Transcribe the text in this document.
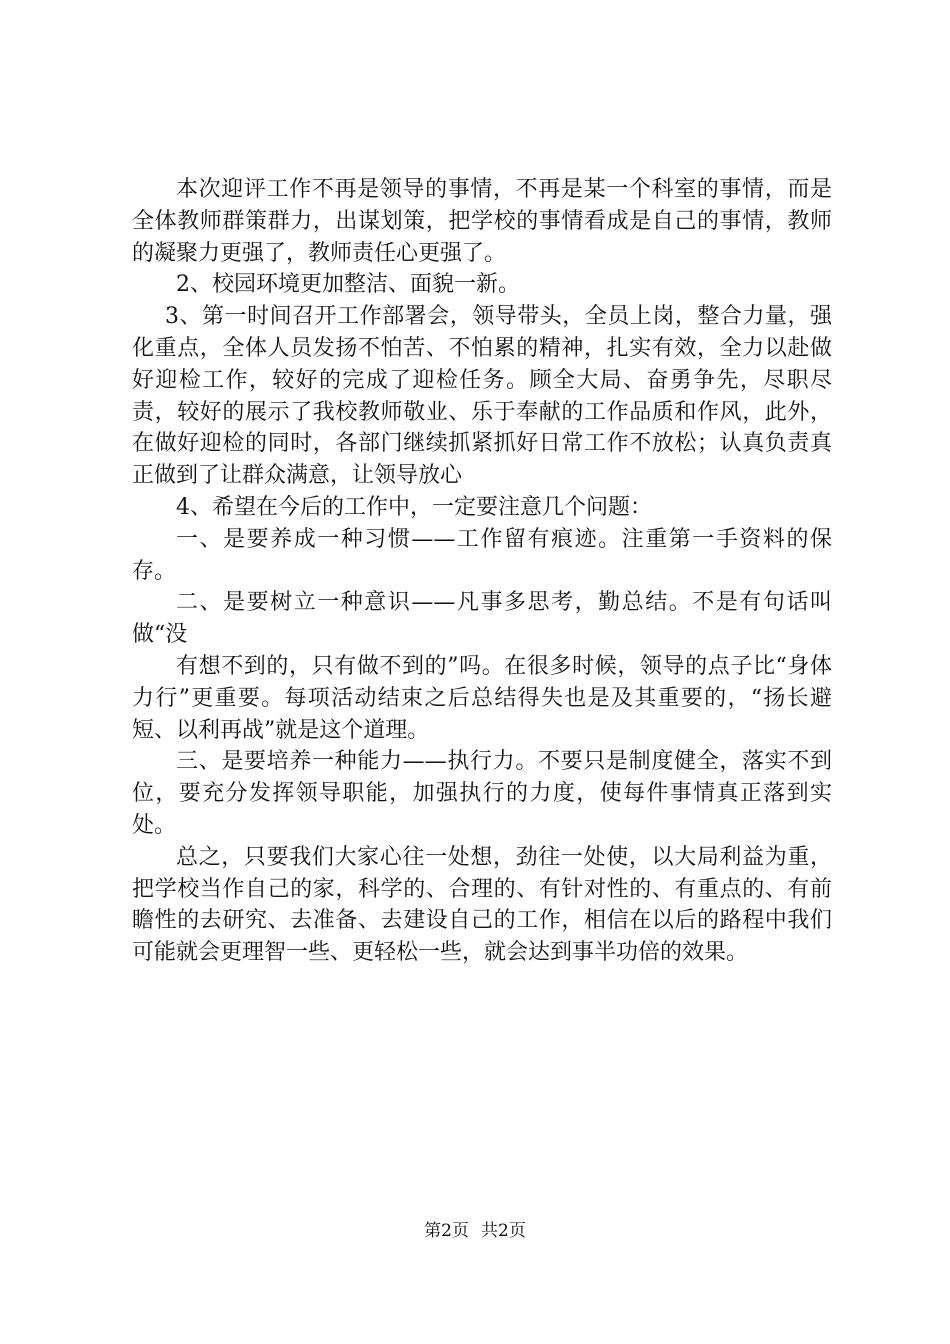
本次迎评工作不再是领导的事情，不再是某一个科室的事情，而是全体教师群策群力，出谋划策，把学校的事情看成是自己的事情，教师的凝聚力更强了，教师责任心更强了。

2、校园环境更加整洁、面貌一新。

3、第一时间召开工作部署会，领导带头，全员上岗，整合力量，强化重点，全体人员发扬不怕苦、不怕累的精神，扎实有效，全力以赴做好迎检工作，较好的完成了迎检任务。顾全大局、奋勇争先，尽职尽责，较好的展示了我校教师敬业、乐于奉献的工作品质和作风，此外，在做好迎检的同时，各部门继续抓紧抓好日常工作不放松；认真负责真正做到了让群众满意，让领导放心

4、希望在今后的工作中，一定要注意几个问题：

一、是要养成一种习惯——工作留有痕迹。注重第一手资料的保存。

二、是要树立一种意识——凡事多思考，勤总结。不是有句话叫做“没

有想不到的，只有做不到的”吗。在很多时候，领导的点子比“身体力行”更重要。每项活动结束之后总结得失也是及其重要的，“扬长避短、以利再战”就是这个道理。

三、是要培养一种能力——执行力。不要只是制度健全，落实不到位，要充分发挥领导职能，加强执行的力度，使每件事情真正落到实处。

总之，只要我们大家心往一处想，劲往一处使，以大局利益为重，把学校当作自己的家，科学的、合理的、有针对性的、有重点的、有前瞻性的去研究、去准备、去建设自己的工作，相信在以后的路程中我们可能就会更理智一些、更轻松一些，就会达到事半功倍的效果。

第2页 共2页
